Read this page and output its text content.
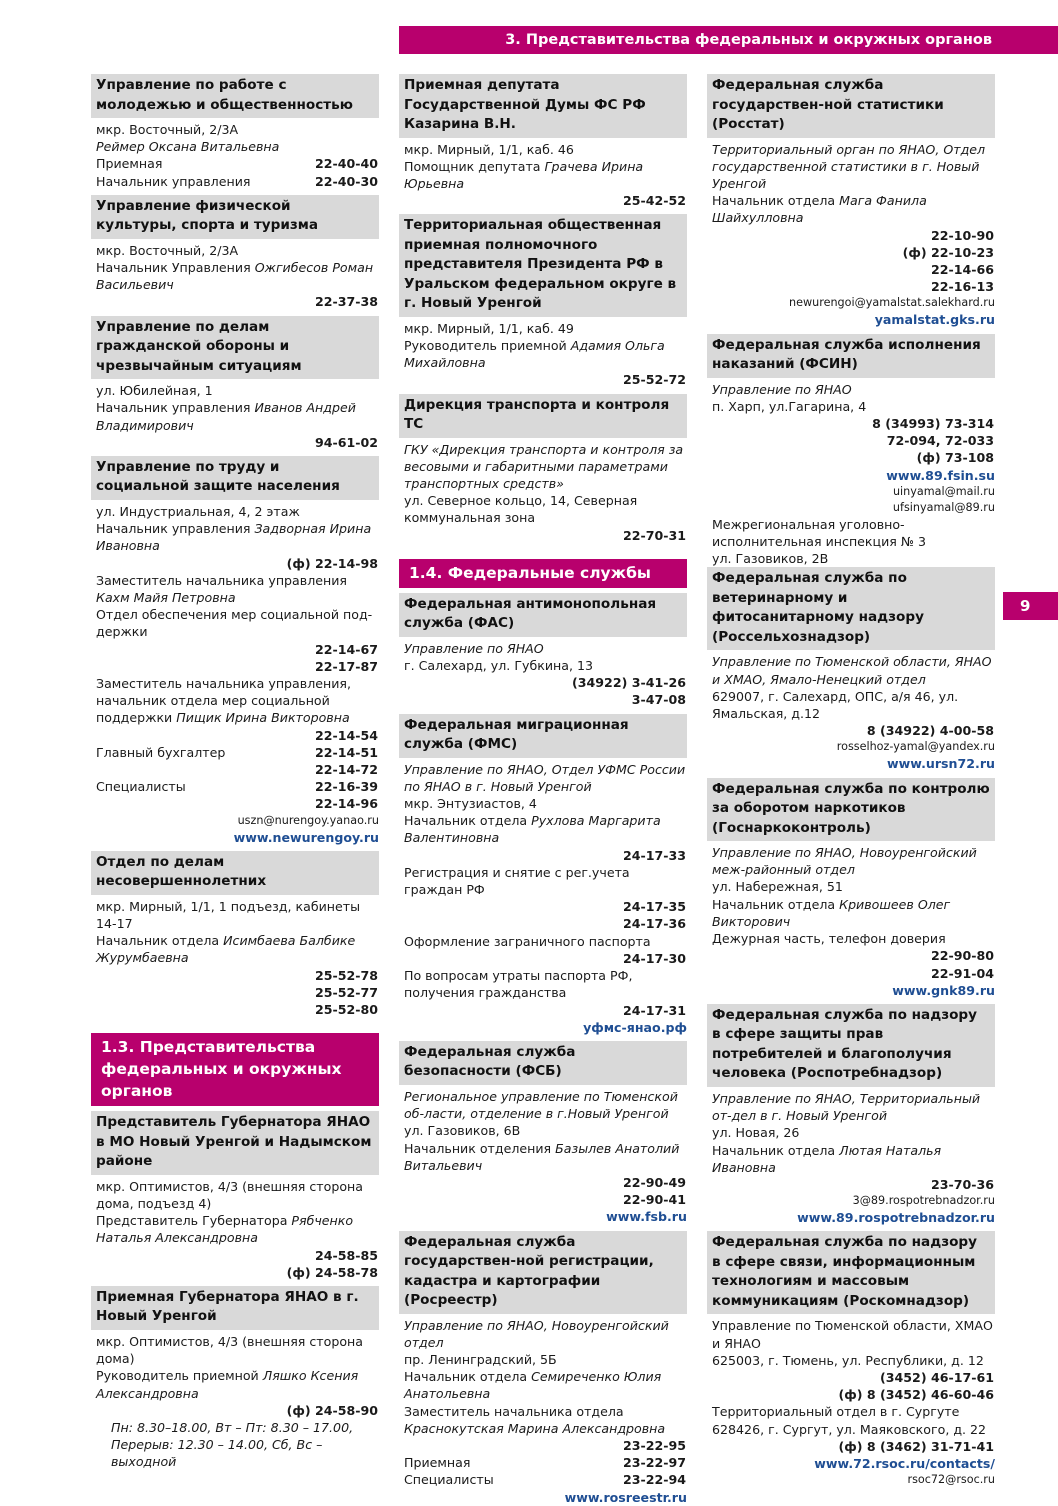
3. Представительства федеральных и окружных органов
9
Управление по работе с молодежью и общественностью
мкр. Восточный, 2/3А
Реймер Оксана Витальевна
Приемная	22-40-40
Начальник управления	22-40-30
Управление физической культуры, спорта и туризма
мкр. Восточный, 2/3А
Начальник Управления Ожгибесов Роман Васильевич
22-37-38
Управление по делам гражданской обороны и чрезвычайным ситуациям
ул. Юбилейная, 1
Начальник управления Иванов Андрей Владимирович
94-61-02
Управление по труду и социальной защите населения
ул. Индустриальная, 4, 2 этаж
Начальник управления Задворная Ирина Ивановна
(ф) 22-14-98
Заместитель начальника управления Кахм Майя Петровна
Отдел обеспечения мер социальной под-держки
22-14-67
22-17-87
Заместитель начальника управления, начальник отдела мер социальной поддержки Пищик Ирина Викторовна
22-14-54
Главный бухгалтер	22-14-51
22-14-72
Специалисты	22-16-39
22-14-96
uszn@nurengoy.yanao.ru
www.newurengoy.ru
Отдел по делам несовершеннолетних
мкр. Мирный, 1/1, 1 подъезд, кабинеты 14-17
Начальник отдела Исимбаева Балбике Журумбаевна
25-52-78
25-52-77
25-52-80
1.3. Представительства федеральных и окружных органов
Представитель Губернатора ЯНАО в МО Новый Уренгой и Надымском районе
мкр. Оптимистов, 4/3 (внешняя сторона дома, подъезд 4)
Представитель Губернатора Рябченко Наталья Александровна
24-58-85
(ф) 24-58-78
Приемная Губернатора ЯНАО в г. Новый Уренгой
мкр. Оптимистов, 4/3 (внешняя сторона дома)
Руководитель приемной Ляшко Ксения Александровна
(ф) 24-58-90
Пн: 8.30–18.00, Вт – Пт: 8.30 – 17.00, Перерыв: 12.30 – 14.00, Сб, Вс – выходной
Приемная депутата Государственной Думы ФС РФ Казарина В.Н.
мкр. Мирный, 1/1, каб. 46
Помощник депутата Грачева Ирина Юрьевна
25-42-52
Территориальная общественная приемная полномочного представителя Президента РФ в Уральском федеральном округе в г. Новый Уренгой
мкр. Мирный, 1/1, каб. 49
Руководитель приемной Адамия Ольга Михайловна
25-52-72
Дирекция транспорта и контроля ТС
ГКУ «Дирекция транспорта и контроля за весовыми и габаритными параметрами транспортных средств»
ул. Северное кольцо, 14, Северная коммунальная зона
22-70-31
1.4. Федеральные службы
Федеральная антимонопольная служба (ФАС)
Управление по ЯНАО
г. Салехард, ул. Губкина, 13
(34922) 3-41-26
3-47-08
Федеральная миграционная служба (ФМС)
Управление по ЯНАО, Отдел УФМС России по ЯНАО в г. Новый Уренгой
мкр. Энтузиастов, 4
Начальник отдела Рухлова Маргарита Валентиновна
24-17-33
Регистрация и снятие с рег.учета граждан РФ
24-17-35
24-17-36
Оформление заграничного паспорта
24-17-30
По вопросам утраты паспорта РФ, получения гражданства
24-17-31
уфмс-янао.рф
Федеральная служба безопасности (ФСБ)
Региональное управление по Тюменской об-ласти, отделение в г.Новый Уренгой
ул. Газовиков, 6В
Начальник отделения Базылев Анатолий Витальевич
22-90-49
22-90-41
www.fsb.ru
Федеральная служба государствен-ной регистрации, кадастра и картографии (Росреестр)
Управление по ЯНАО, Новоуренгойский отдел
пр. Ленинградский, 5Б
Начальник отдела Семиреченко Юлия Анатольевна
Заместитель начальника отдела Краснокутская Марина Александровна
23-22-95
Приемная	23-22-97
Специалисты	23-22-94
www.rosreestr.ru
Федеральная служба государствен-ной статистики (Росстат)
Территориальный орган по ЯНАО, Отдел государственной статистики в г. Новый Уренгой
Начальник отдела Мага Фанила Шайхулловна
22-10-90
(ф) 22-10-23
22-14-66
22-16-13
newurengoi@yamalstat.salekhard.ru
yamalstat.gks.ru
Федеральная служба исполнения наказаний (ФСИН)
Управление по ЯНАО
п. Харп, ул.Гагарина, 4
8 (34993) 73-314
72-094, 72-033
(ф) 73-108
www.89.fsin.su
uinyamal@mail.ru
ufsinyamal@89.ru
Межрегиональная уголовно-исполнительная инспекция № 3
ул. Газовиков, 2В
Федеральная служба по ветеринарному и фитосанитарному надзору (Россельхознадзор)
Управление по Тюменской области, ЯНАО и ХМАО, Ямало-Ненецкий отдел
629007, г. Салехард, ОПС, а/я 46, ул. Ямальская, д.12
8 (34922) 4-00-58
rosselhoz-yamal@yandex.ru
www.ursn72.ru
Федеральная служба по контролю за оборотом наркотиков (Госнаркоконтроль)
Управление по ЯНАО, Новоуренгойский меж-районный отдел
ул. Набережная, 51
Начальник отдела Кривошеев Олег Викторович
Дежурная часть, телефон доверия
22-90-80
22-91-04
www.gnk89.ru
Федеральная служба по надзору в сфере защиты прав потребителей и благополучия человека (Роспотребнадзор)
Управление по ЯНАО, Территориальный от-дел в г. Новый Уренгой
ул. Новая, 26
Начальник отдела Лютая Наталья Ивановна
23-70-36
3@89.rospotrebnadzor.ru
www.89.rospotrebnadzor.ru
Федеральная служба по надзору в сфере связи, информационным технологиям и массовым коммуникациям (Роскомнадзор)
Управление по Тюменской области, ХМАО и ЯНАО
625003, г. Тюмень, ул. Республики, д. 12
(3452) 46-17-61
(ф) 8 (3452) 46-60-46
Территориальный отдел в г. Сургуте
628426, г. Сургут, ул. Маяковского, д. 22
(ф) 8 (3462) 31-71-41
www.72.rsoc.ru/contacts/
rsoc72@rsoc.ru
